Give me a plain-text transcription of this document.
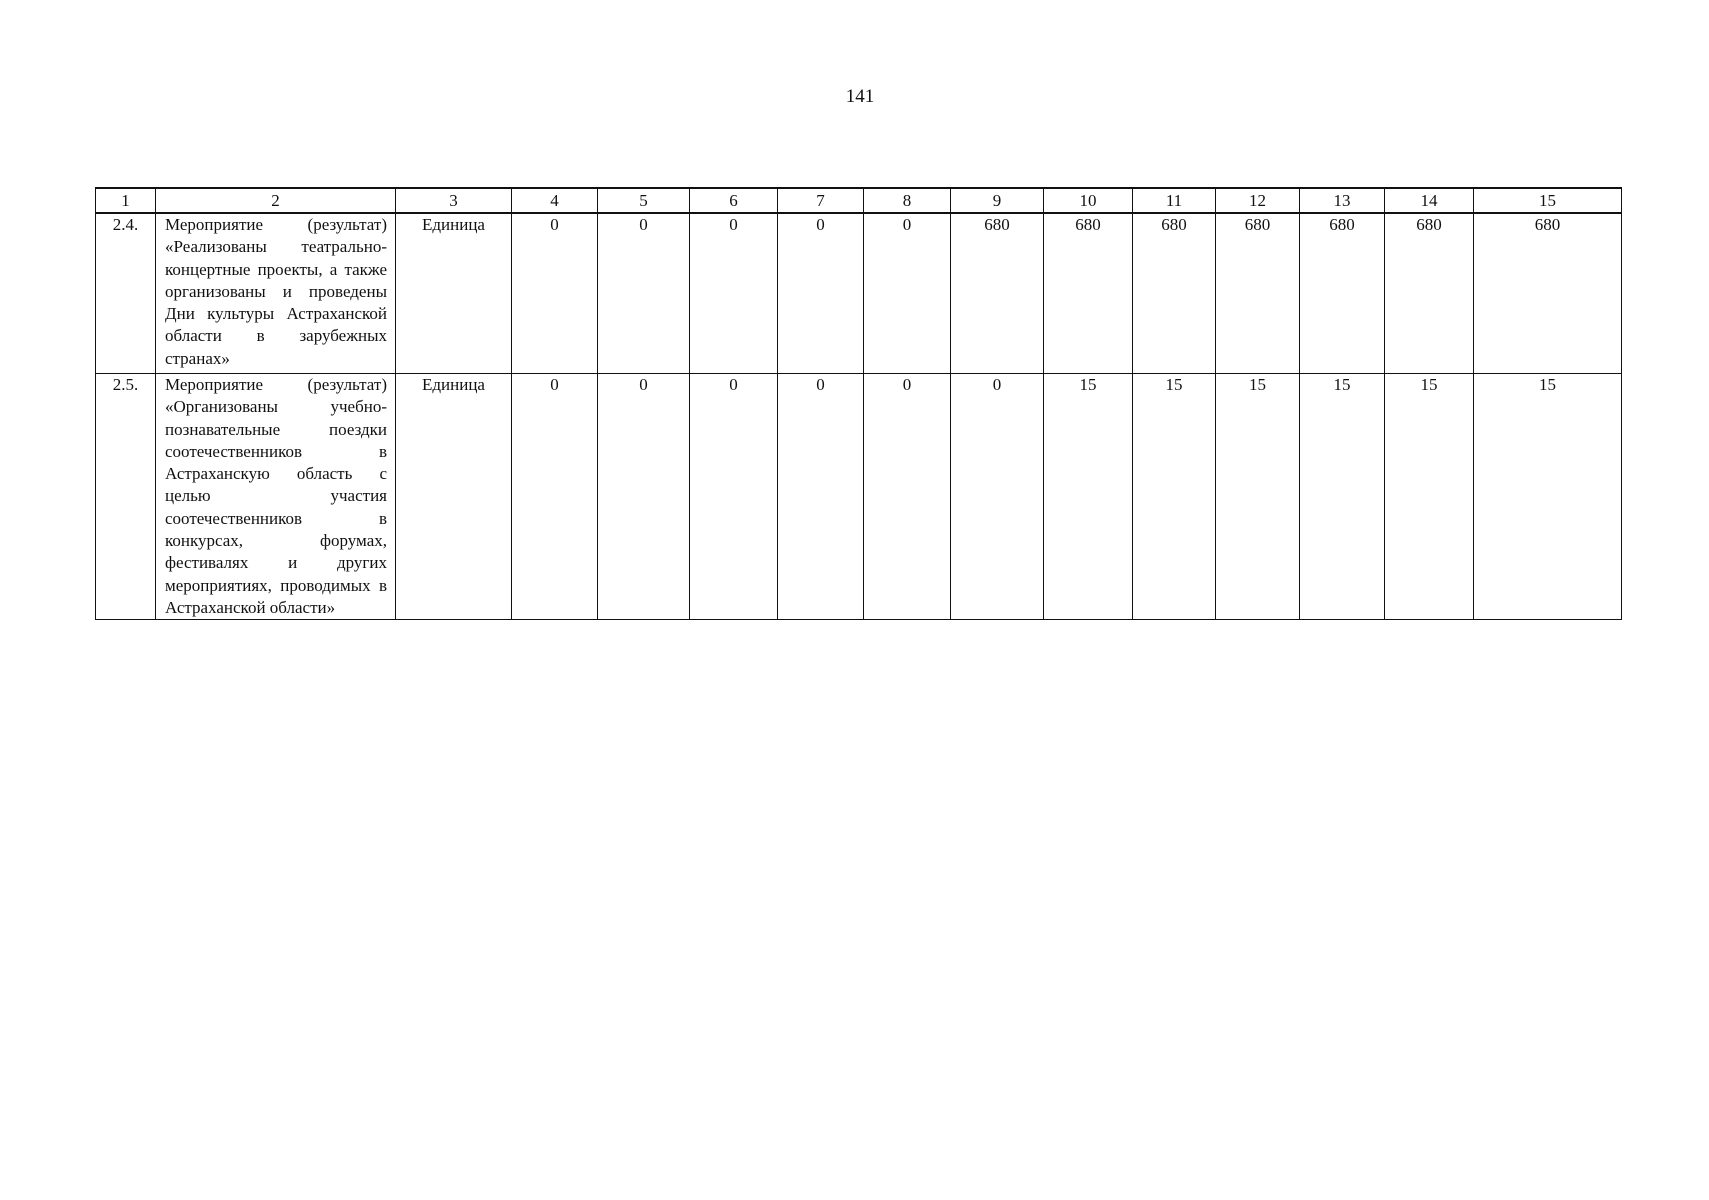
141
1	2	3	4	5	6	7	8	9	10	11	12	13	14	15
2.4.	Мероприятие (результат) «Реализованы театрально-концертные проекты, а также организованы и проведены Дни культуры Астраханской области в зарубежных странах»	Единица	0	0	0	0	0	680	680	680	680	680	680	680
2.5.	Мероприятие (результат) «Организованы учебно-познавательные поездки соотечественников в Астраханскую область с целью участия соотечественников в конкурсах, форумах, фестивалях и других мероприятиях, проводимых в Астраханской области»	Единица	0	0	0	0	0	0	15	15	15	15	15	15
